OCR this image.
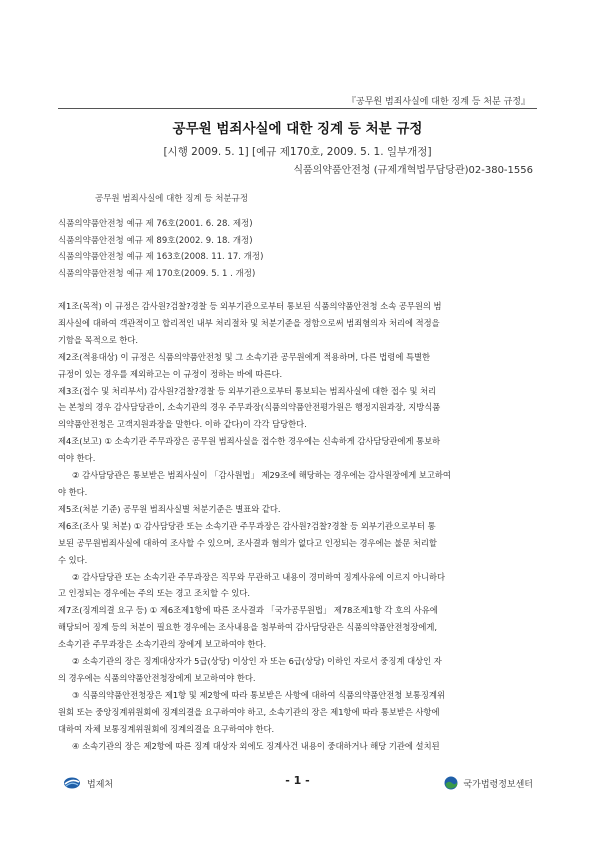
『공무원 범죄사실에 대한 징계 등 처분 규정』
공무원 범죄사실에 대한 징계 등 처분 규정
[시행 2009. 5. 1] [예규 제170호, 2009. 5. 1. 일부개정]
식품의약품안전청 (규제개혁법무담당관)02-380-1556
공무원 범죄사실에 대한 징계 등 처분규정
식품의약품안전청 예규 제 76호(2001. 6. 28. 제정)
식품의약품안전청 예규 제 89호(2002. 9. 18. 개정)
식품의약품안전청 예규 제 163호(2008. 11. 17. 개정)
식품의약품안전청 예규 제 170호(2009. 5. 1 . 개정)
제1조(목적) 이 규정은 감사원?검찰?경찰 등 외부기관으로부터 통보된 식품의약품안전청 소속 공무원의 범
죄사실에 대하여 객관적이고 합리적인 내부 처리절차 및 처분기준을 정함으로써 범죄혐의자 처리에 적정을
기함을 목적으로 한다.
제2조(적용대상) 이 규정은 식품의약품안전청 및 그 소속기관 공무원에게 적용하며, 다른 법령에 특별한
규정이 있는 경우를 제외하고는 이 규정이 정하는 바에 따른다.
제3조(접수 및 처리부서) 감사원?검찰?경찰 등 외부기관으로부터 통보되는 범죄사실에 대한 접수 및 처리
는 본청의 경우 감사담당관이, 소속기관의 경우 주무과장(식품의약품안전평가원은 행정지원과장, 지방식품
의약품안전청은 고객지원과장을 말한다. 이하 같다)이 각각 담당한다.
제4조(보고) ① 소속기관 주무과장은 공무원 범죄사실을 접수한 경우에는 신속하게 감사담당관에게 통보하
여야 한다.
② 감사담당관은 통보받은 범죄사실이 「감사원법」 제29조에 해당하는 경우에는 감사원장에게 보고하여
야 한다.
제5조(처분 기준) 공무원 범죄사실별 처분기준은 별표와 같다.
제6조(조사 및 처분) ① 감사담당관 또는 소속기관 주무과장은 감사원?검찰?경찰 등 외부기관으로부터 통
보된 공무원범죄사실에 대하여 조사할 수 있으며, 조사결과 혐의가 없다고 인정되는 경우에는 불문 처리할
수 있다.
② 감사담당관 또는 소속기관 주무과장은 직무와 무관하고 내용이 경미하여 징계사유에 이르지 아니하다
고 인정되는 경우에는 주의 또는 경고 조치할 수 있다.
제7조(징계의결 요구 등) ① 제6조제1항에 따른 조사결과 「국가공무원법」 제78조제1항 각 호의 사유에
해당되어 징계 등의 처분이 필요한 경우에는 조사내용을 첨부하여 감사담당관은 식품의약품안전청장에게,
소속기관 주무과장은 소속기관의 장에게 보고하여야 한다.
② 소속기관의 장은 징계대상자가 5급(상당) 이상인 자 또는 6급(상당) 이하인 자로서 중징계 대상인 자
의 경우에는 식품의약품안전청장에게 보고하여야 한다.
③ 식품의약품안전청장은 제1항 및 제2항에 따라 통보받은 사항에 대하여 식품의약품안전청 보통징계위
원회 또는 중앙징계위원회에 징계의결을 요구하여야 하고, 소속기관의 장은 제1항에 따라 통보받은 사항에
대하여 자체 보통징계위원회에 징계의결을 요구하여야 한다.
④ 소속기관의 장은 제2항에 따른 징계 대상자 외에도 징계사건 내용이 중대하거나 해당 기관에 설치된
법제처	- 1 -	국가법령정보센터
